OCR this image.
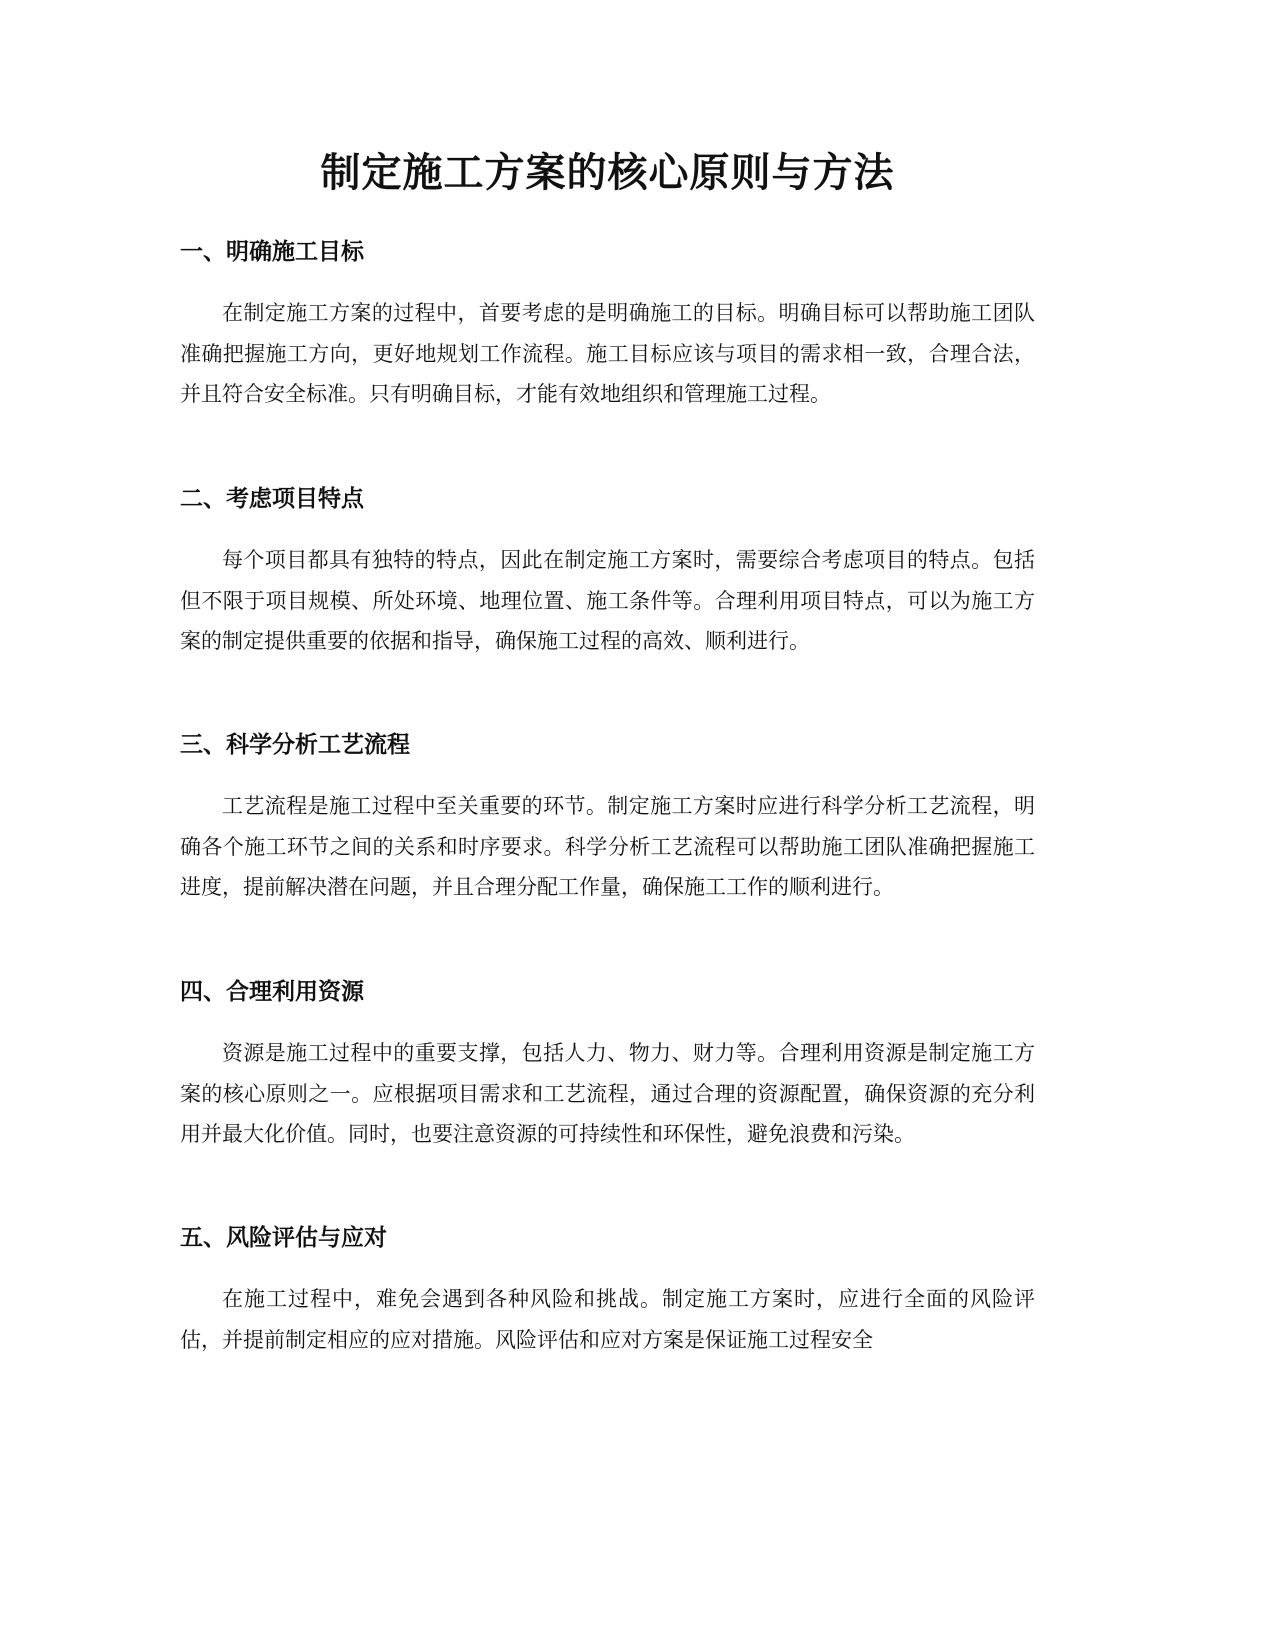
制定施工方案的核心原则与方法
一、明确施工目标

在制定施工方案的过程中，首要考虑的是明确施工的目标。明确目标可以帮助施工团队准确把握施工方向，更好地规划工作流程。施工目标应该与项目的需求相一致，合理合法，并且符合安全标准。只有明确目标，才能有效地组织和管理施工过程。

二、考虑项目特点

每个项目都具有独特的特点，因此在制定施工方案时，需要综合考虑项目的特点。包括但不限于项目规模、所处环境、地理位置、施工条件等。合理利用项目特点，可以为施工方案的制定提供重要的依据和指导，确保施工过程的高效、顺利进行。

三、科学分析工艺流程

工艺流程是施工过程中至关重要的环节。制定施工方案时应进行科学分析工艺流程，明确各个施工环节之间的关系和时序要求。科学分析工艺流程可以帮助施工团队准确把握施工进度，提前解决潜在问题，并且合理分配工作量，确保施工工作的顺利进行。

四、合理利用资源

资源是施工过程中的重要支撑，包括人力、物力、财力等。合理利用资源是制定施工方案的核心原则之一。应根据项目需求和工艺流程，通过合理的资源配置，确保资源的充分利用并最大化价值。同时，也要注意资源的可持续性和环保性，避免浪费和污染。

五、风险评估与应对

在施工过程中，难免会遇到各种风险和挑战。制定施工方案时，应进行全面的风险评估，并提前制定相应的应对措施。风险评估和应对方案是保证施工过程安全
